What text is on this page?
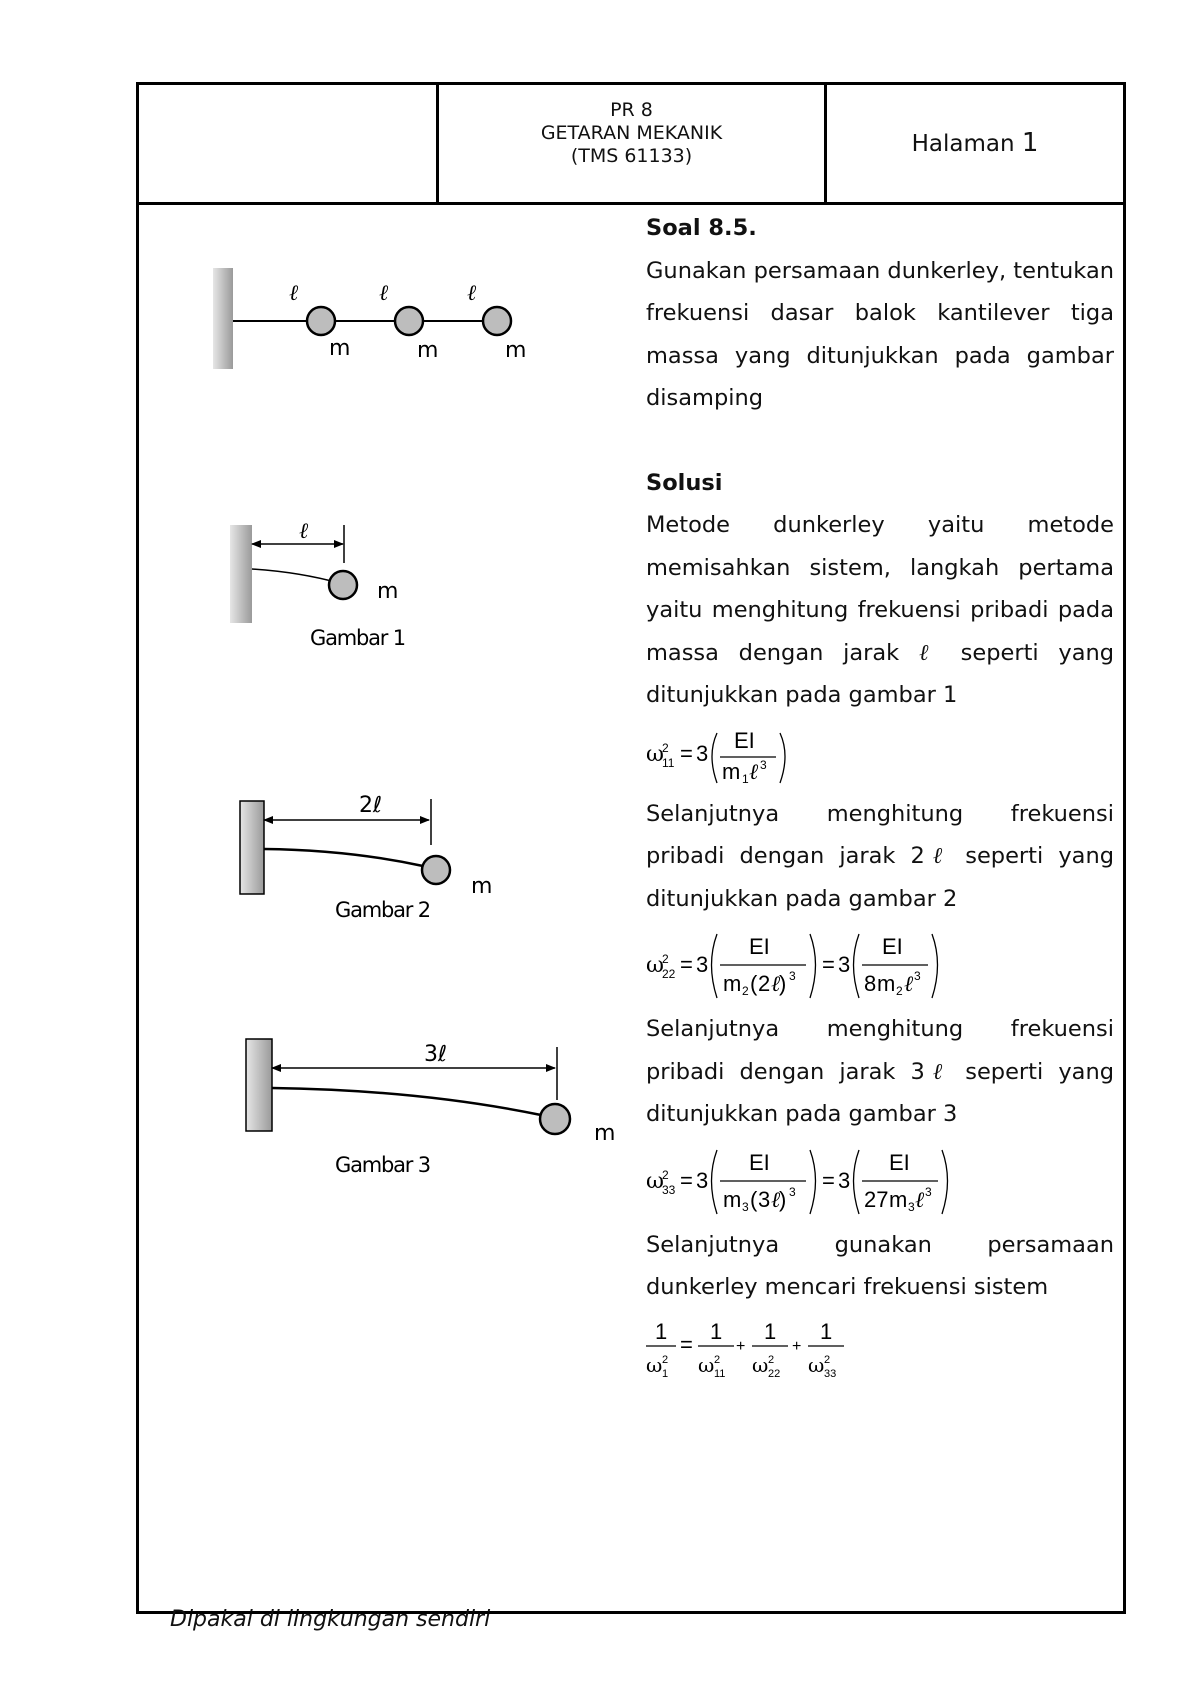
PR 8
GETARAN MEKANIK
(TMS 61133)	Halaman 1
ℓ	ℓ	ℓ
m	m	m
ℓ
m
Gambar 1
2ℓ
m
Gambar 2
3ℓ
m
Gambar 3
Soal 8.5.

Gunakan persamaan dunkerley, tentukan frekuensi dasar balok kantilever tiga massa yang ditunjukkan pada gambar disamping

Solusi

Metode dunkerley yaitu metode memisahkan sistem, langkah pertama yaitu menghitung frekuensi pribadi pada massa dengan jarak ℓ seperti yang ditunjukkan pada gambar 1

ω
2
11 = 3
EI
m 1 ℓ 3

Selanjutnya menghitung frekuensi pribadi dengan jarak 2ℓ seperti yang ditunjukkan pada gambar 2

ω
2
22 = 3
EI
m 2 ( 2 ℓ
) 3 = 3
EI
8 m 2 ℓ 3

Selanjutnya menghitung frekuensi pribadi dengan jarak 3ℓ seperti yang ditunjukkan pada gambar 3

ω
2
33 = 3
EI
m 3 ( 3 ℓ
) 3 = 3
EI
27 m 3 ℓ 3

Selanjutnya gunakan persamaan dunkerley mencari frekuensi sistem

1
ω 2
1
=
1
ω 2
11
+
1
ω 2
22
+
1
ω 2
33
Dipakai di lingkungan sendiri
